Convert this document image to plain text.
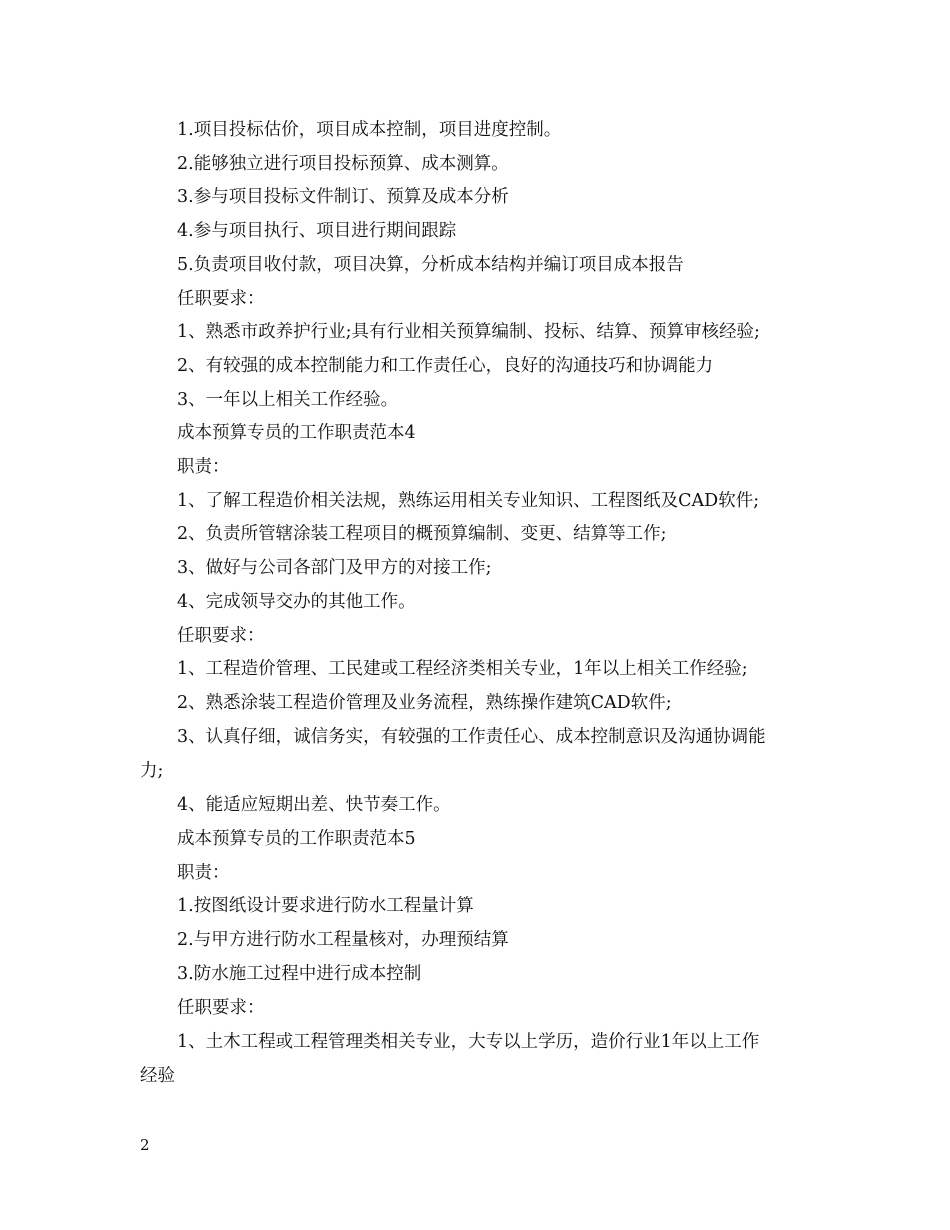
1.项目投标估价，项目成本控制，项目进度控制。
2.能够独立进行项目投标预算、成本测算。
3.参与项目投标文件制订、预算及成本分析
4.参与项目执行、项目进行期间跟踪
5.负责项目收付款，项目决算，分析成本结构并编订项目成本报告
任职要求：
1、熟悉市政养护行业;具有行业相关预算编制、投标、结算、预算审核经验;
2、有较强的成本控制能力和工作责任心，良好的沟通技巧和协调能力
3、一年以上相关工作经验。
成本预算专员的工作职责范本4
职责：
1、了解工程造价相关法规，熟练运用相关专业知识、工程图纸及CAD软件;
2、负责所管辖涂装工程项目的概预算编制、变更、结算等工作;
3、做好与公司各部门及甲方的对接工作;
4、完成领导交办的其他工作。
任职要求：
1、工程造价管理、工民建或工程经济类相关专业，1年以上相关工作经验;
2、熟悉涂装工程造价管理及业务流程，熟练操作建筑CAD软件;
3、认真仔细，诚信务实，有较强的工作责任心、成本控制意识及沟通协调能
力;
4、能适应短期出差、快节奏工作。
成本预算专员的工作职责范本5
职责：
1.按图纸设计要求进行防水工程量计算
2.与甲方进行防水工程量核对，办理预结算
3.防水施工过程中进行成本控制
任职要求：
1、土木工程或工程管理类相关专业，大专以上学历，造价行业1年以上工作
经验
2
